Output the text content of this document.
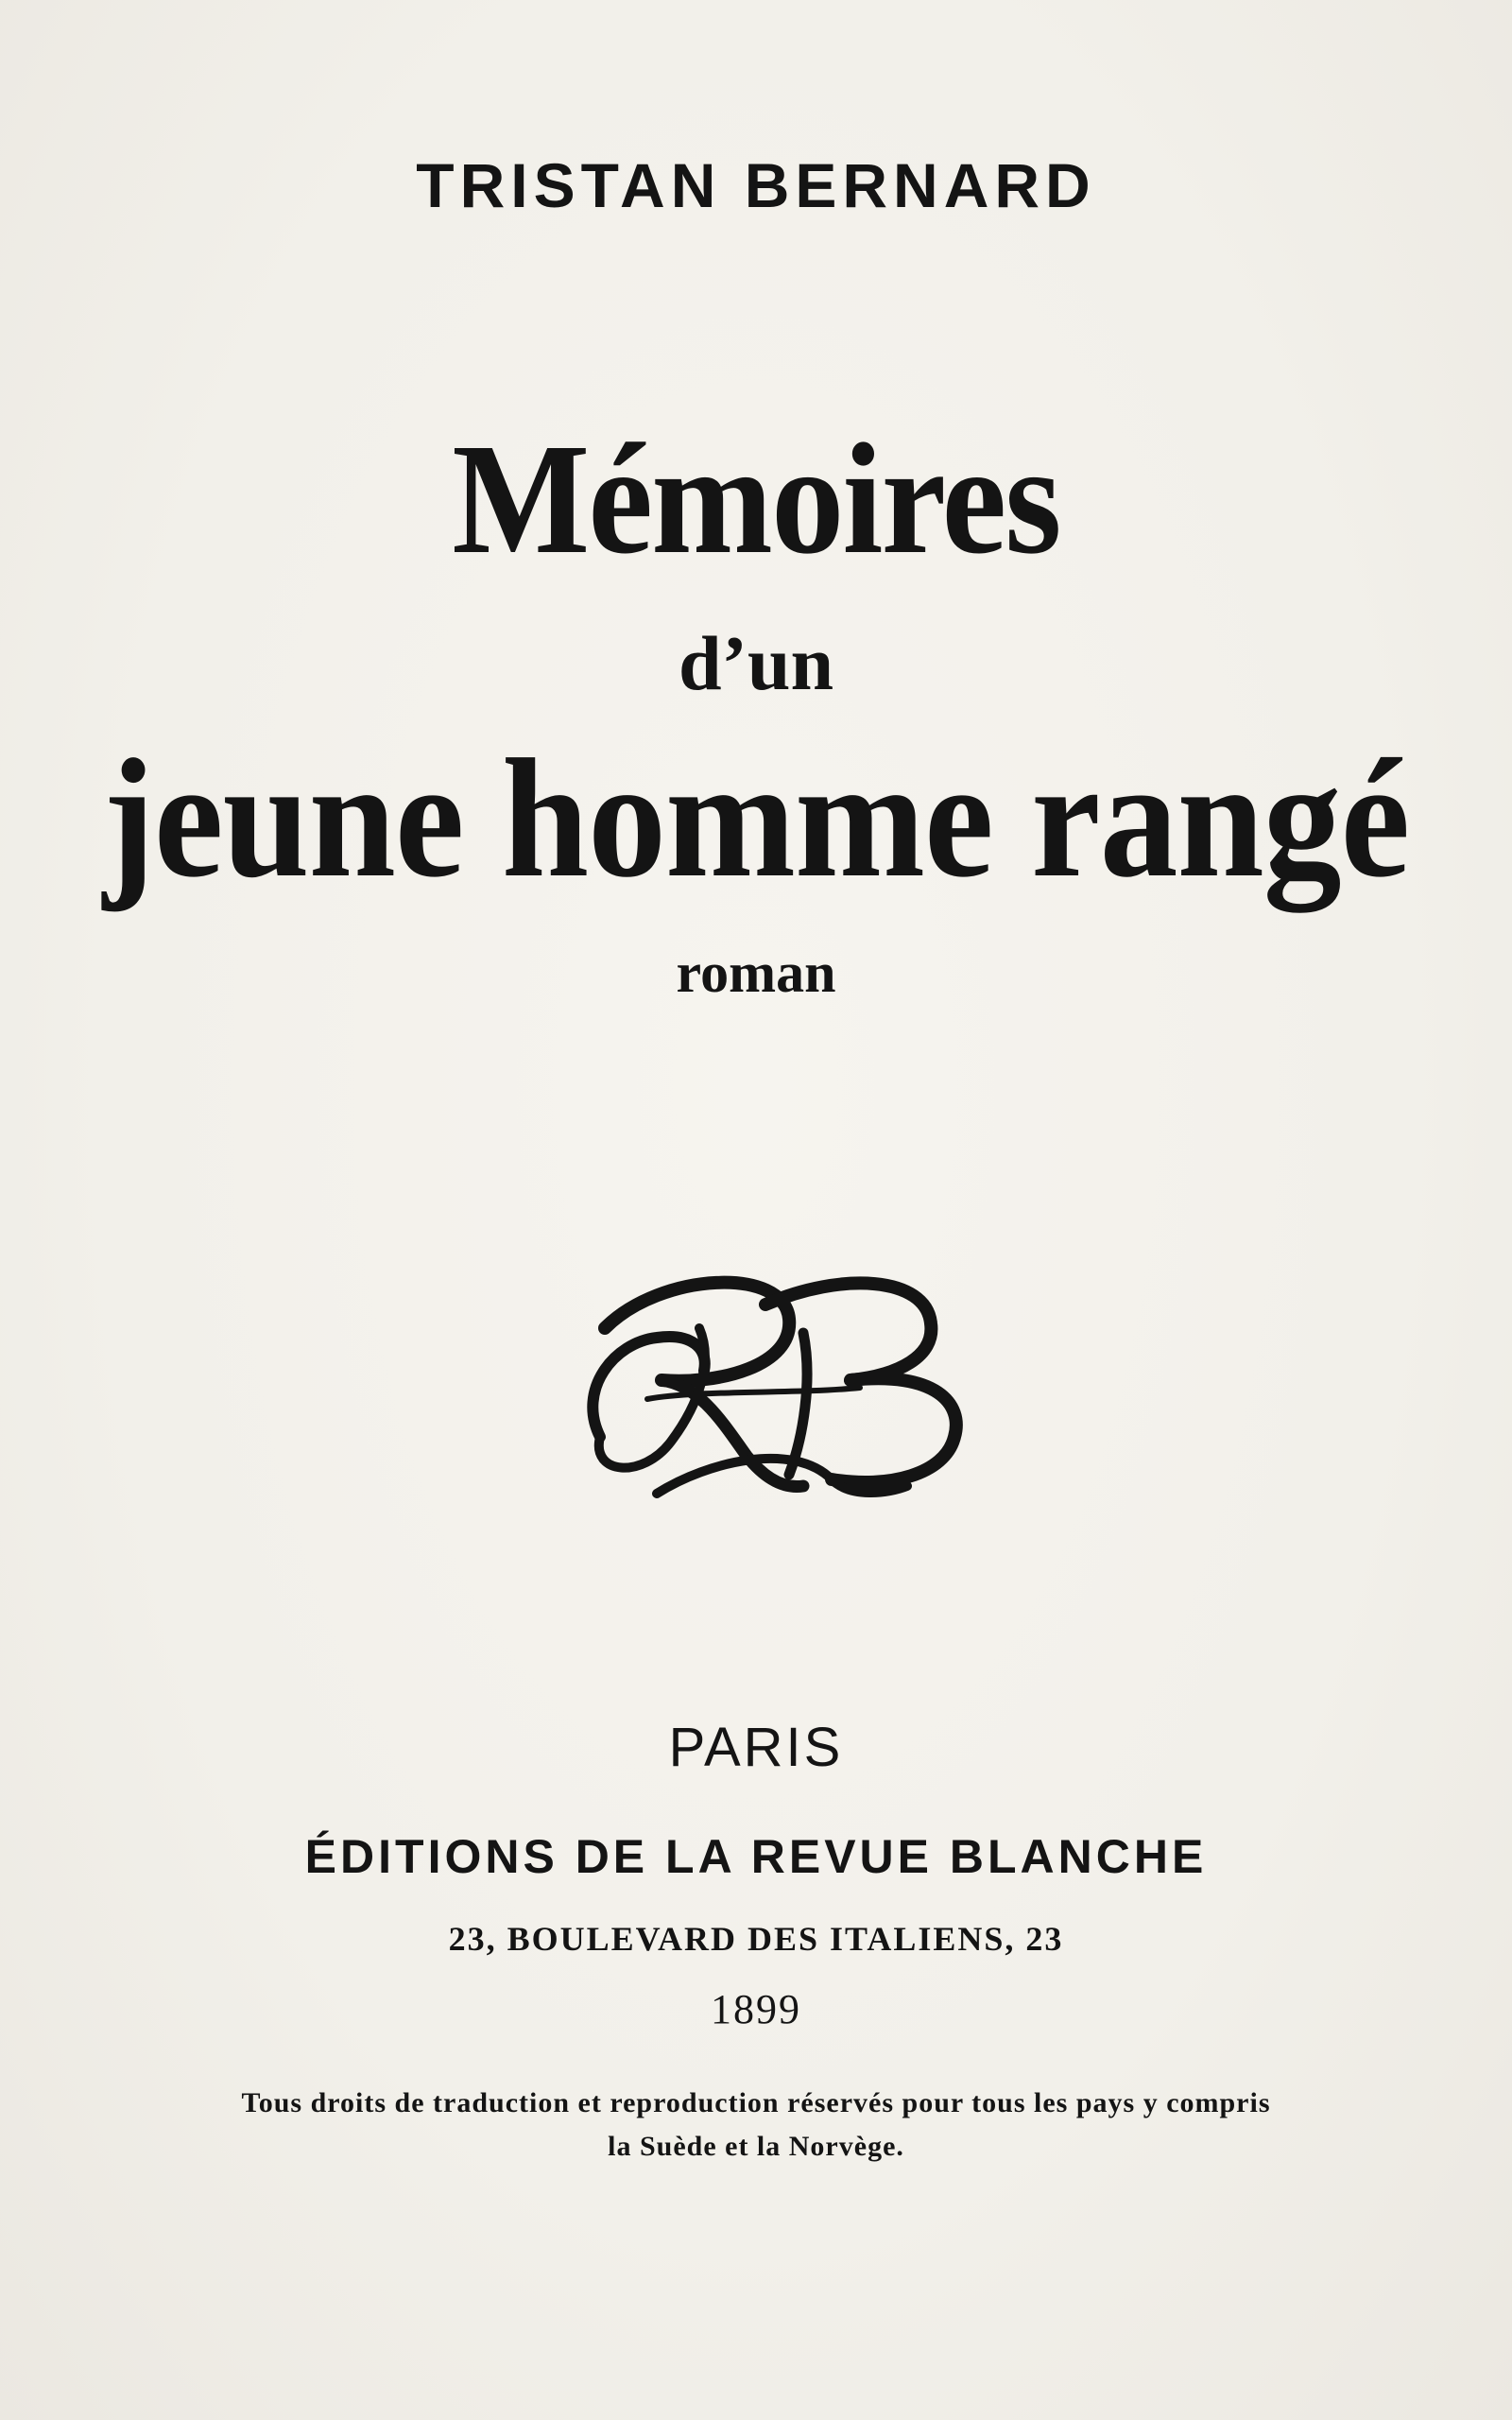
TRISTAN BERNARD

Mémoires

d’un

jeune homme rangé

roman

PARIS

ÉDITIONS DE LA REVUE BLANCHE

23, BOULEVARD DES ITALIENS, 23

1899

Tous droits de traduction et reproduction réservés pour tous les pays y compris

la Suède et la Norvège.
